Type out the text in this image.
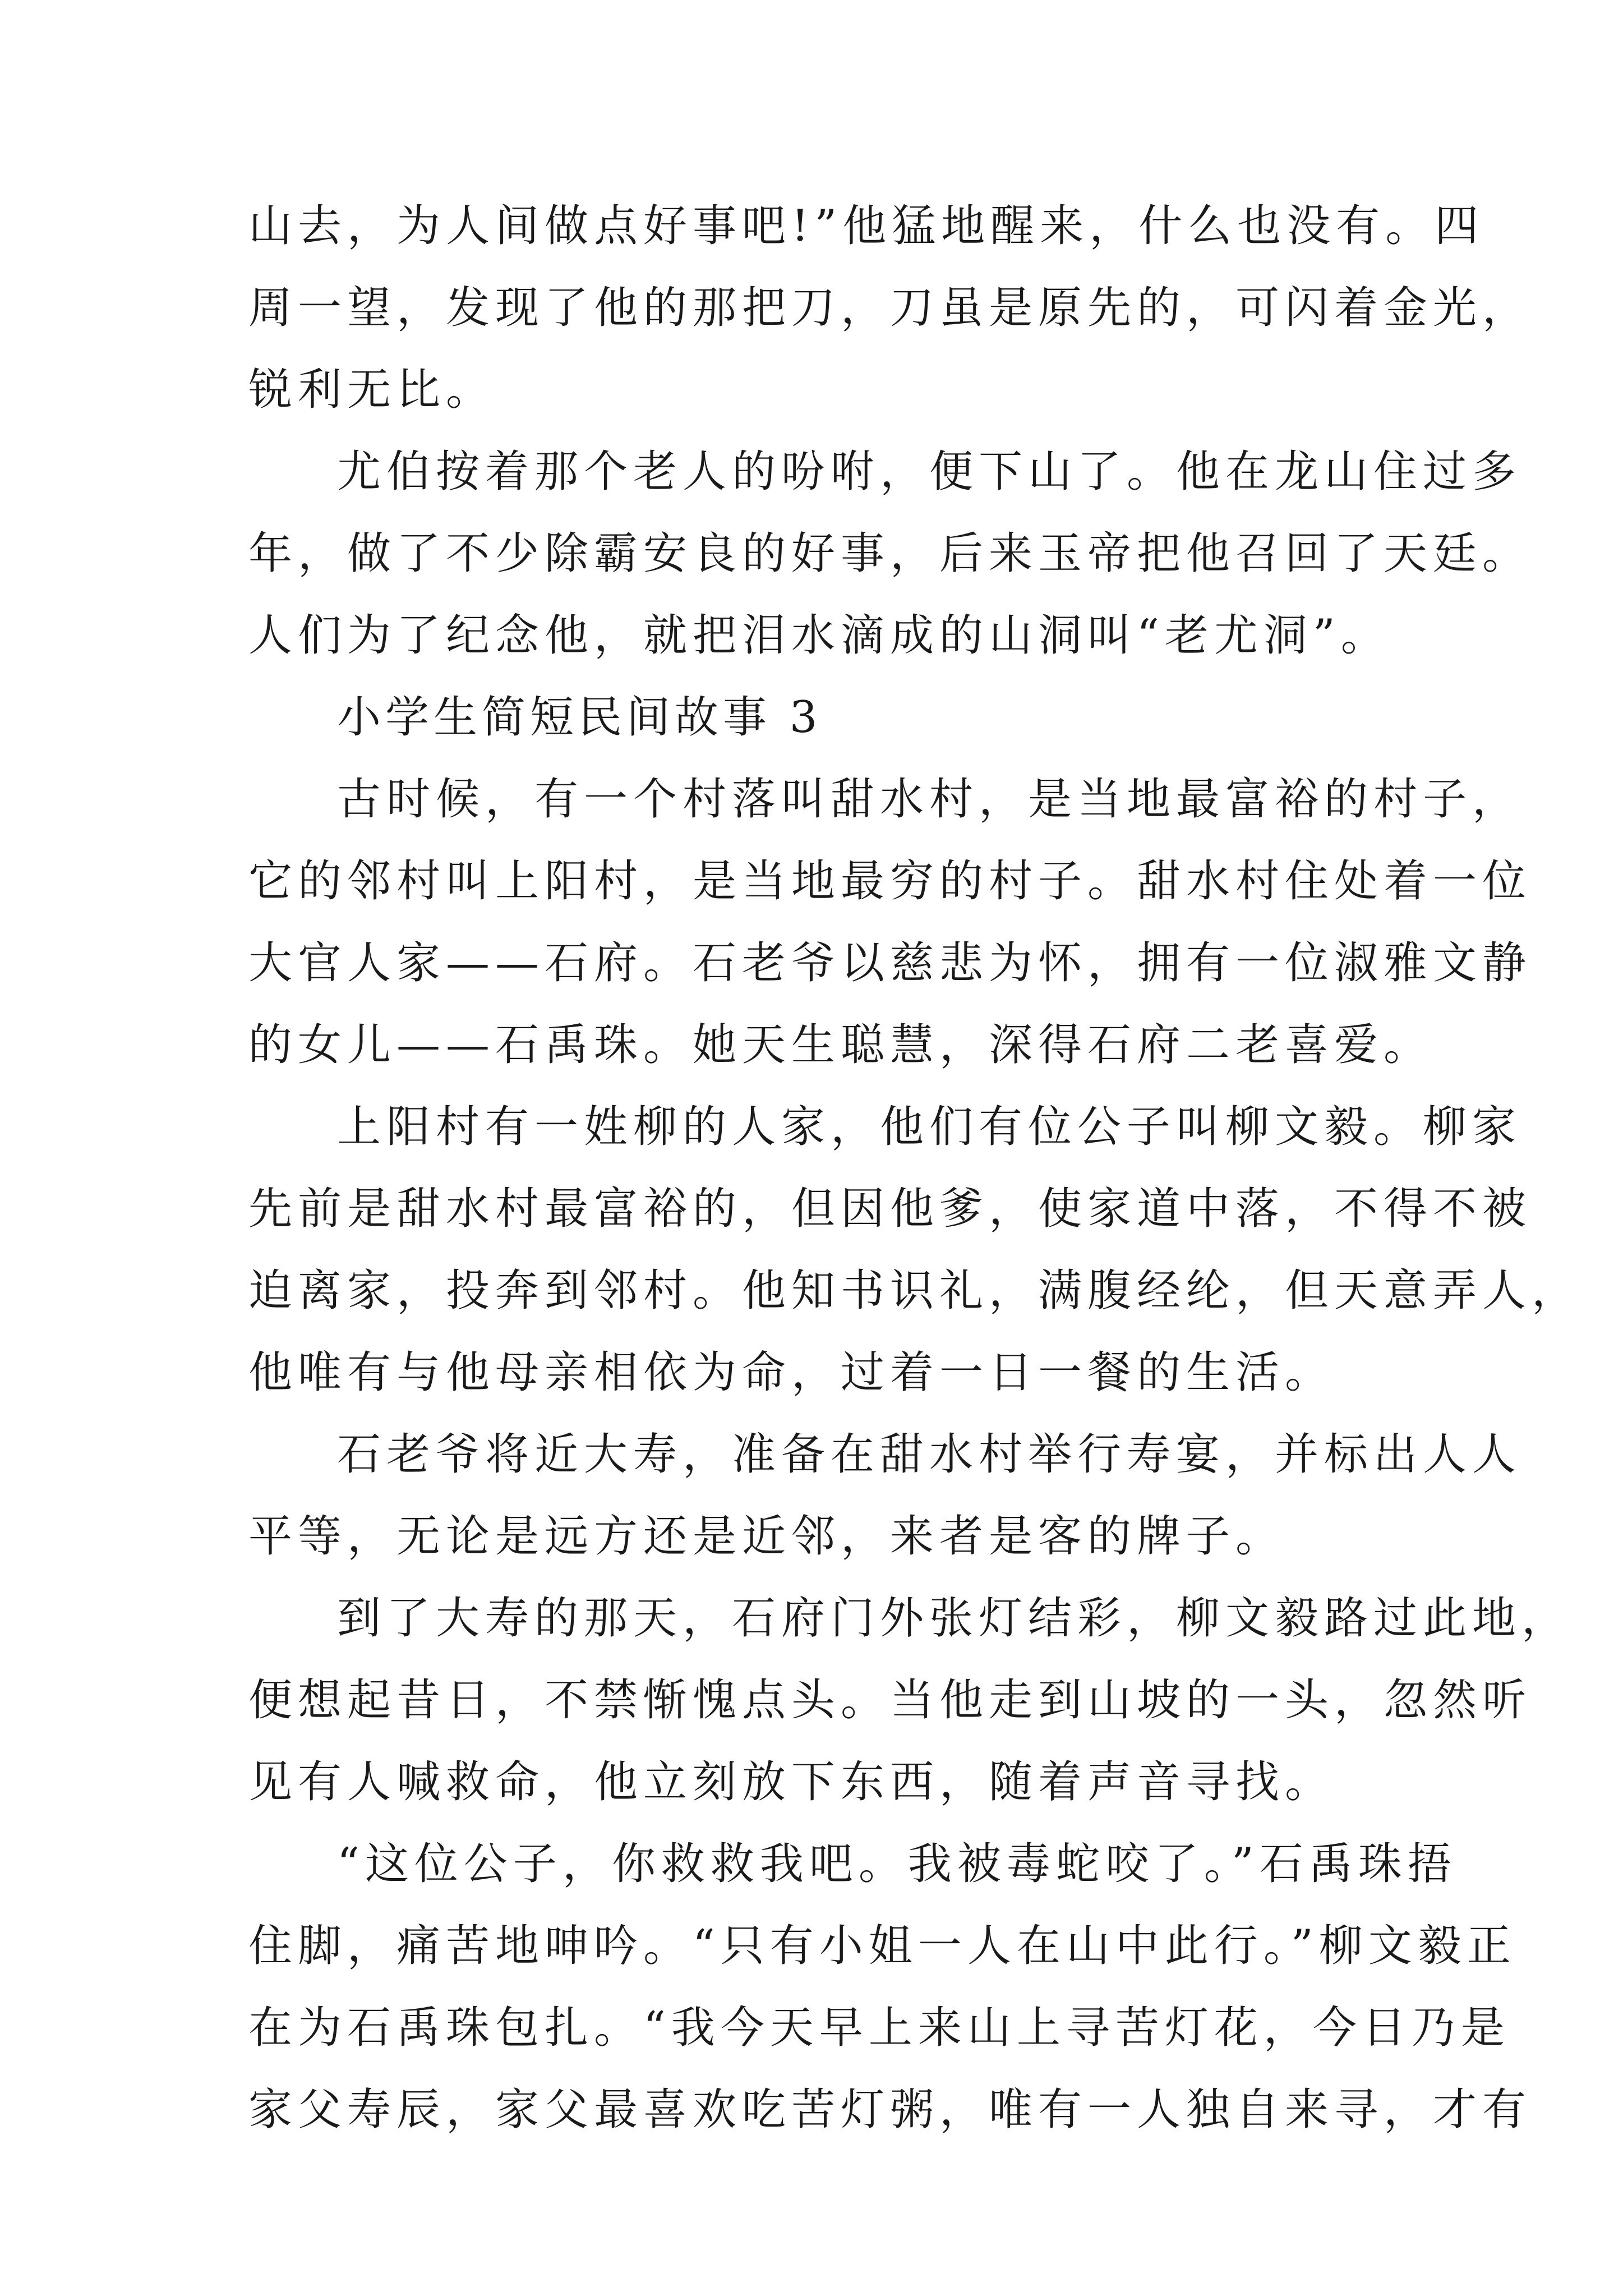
山去，为人间做点好事吧!”他猛地醒来，什么也没有。四
周一望，发现了他的那把刀，刀虽是原先的，可闪着金光，
锐利无比。
尤伯按着那个老人的吩咐，便下山了。他在龙山住过多
年，做了不少除霸安良的好事，后来玉帝把他召回了天廷。
人们为了纪念他，就把泪水滴成的山洞叫“老尤洞”。
小学生简短民间故事 3
古时候，有一个村落叫甜水村，是当地最富裕的村子，
它的邻村叫上阳村，是当地最穷的村子。甜水村住处着一位
大官人家——石府。石老爷以慈悲为怀，拥有一位淑雅文静
的女儿——石禹珠。她天生聪慧，深得石府二老喜爱。
上阳村有一姓柳的人家，他们有位公子叫柳文毅。柳家
先前是甜水村最富裕的，但因他爹，使家道中落，不得不被
迫离家，投奔到邻村。他知书识礼，满腹经纶，但天意弄人，
他唯有与他母亲相依为命，过着一日一餐的生活。
石老爷将近大寿，准备在甜水村举行寿宴，并标出人人
平等，无论是远方还是近邻，来者是客的牌子。
到了大寿的那天，石府门外张灯结彩，柳文毅路过此地，
便想起昔日，不禁惭愧点头。当他走到山坡的一头，忽然听
见有人喊救命，他立刻放下东西，随着声音寻找。
“这位公子，你救救我吧。我被毒蛇咬了。”石禹珠捂
住脚，痛苦地呻吟。“只有小姐一人在山中此行。”柳文毅正
在为石禹珠包扎。“我今天早上来山上寻苦灯花，今日乃是
家父寿辰，家父最喜欢吃苦灯粥，唯有一人独自来寻，才有
